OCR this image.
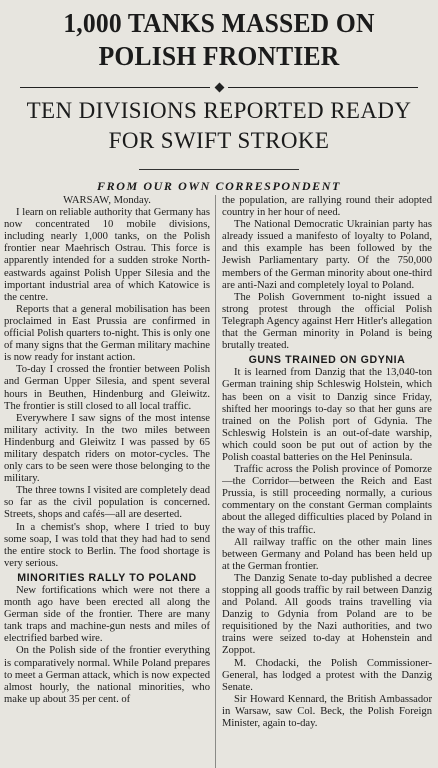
1,000 TANKS MASSED ON POLISH FRONTIER
TEN DIVISIONS REPORTED READY FOR SWIFT STROKE
FROM OUR OWN CORRESPONDENT

WARSAW, Monday.

I learn on reliable authority that Germany has now concentrated 10 mobile divisions, including nearly 1,000 tanks, on the Polish frontier near Maehrisch Ostrau. This force is apparently intended for a sudden stroke North-eastwards against Polish Upper Silesia and the important industrial area of which Katowice is the centre.

Reports that a general mobilisation has been proclaimed in East Prussia are confirmed in official Polish quarters to-night. This is only one of many signs that the German military machine is now ready for instant action.

To-day I crossed the frontier between Polish and German Upper Silesia, and spent several hours in Beuthen, Hindenburg and Gleiwitz. The frontier is still closed to all local traffic.

Everywhere I saw signs of the most intense military activity. In the two miles between Hindenburg and Gleiwitz I was passed by 65 military despatch riders on motor-cycles. The only cars to be seen were those belonging to the military.

The three towns I visited are completely dead so far as the civil population is concerned. Streets, shops and cafés—all are deserted.

In a chemist's shop, where I tried to buy some soap, I was told that they had had to send the entire stock to Berlin. The food shortage is very serious.

MINORITIES RALLY TO POLAND

New fortifications which were not there a month ago have been erected all along the German side of the frontier. There are many tank traps and machine-gun nests and miles of electrified barbed wire.

On the Polish side of the frontier everything is comparatively normal. While Poland prepares to meet a German attack, which is now expected almost hourly, the national minorities, who make up about 35 per cent. of

the population, are rallying round their adopted country in her hour of need.

The National Democratic Ukrainian party has already issued a manifesto of loyalty to Poland, and this example has been followed by the Jewish Parliamentary party. Of the 750,000 members of the German minority about one-third are anti-Nazi and completely loyal to Poland.

The Polish Government to-night issued a strong protest through the official Polish Telegraph Agency against Herr Hitler's allegation that the German minority in Poland is being brutally treated.

GUNS TRAINED ON GDYNIA

It is learned from Danzig that the 13,040-ton German training ship Schleswig Holstein, which has been on a visit to Danzig since Friday, shifted her moorings to-day so that her guns are trained on the Polish port of Gdynia. The Schleswig Holstein is an out-of-date warship, which could soon be put out of action by the Polish coastal batteries on the Hel Peninsula.

Traffic across the Polish province of Pomorze—the Corridor—between the Reich and East Prussia, is still proceeding normally, a curious commentary on the constant German complaints about the alleged difficulties placed by Poland in the way of this traffic.

All railway traffic on the other main lines between Germany and Poland has been held up at the German frontier.

The Danzig Senate to-day published a decree stopping all goods traffic by rail between Danzig and Poland. All goods trains travelling via Danzig to Gdynia from Poland are to be requisitioned by the Nazi authorities, and two trains were seized to-day at Hohenstein and Zoppot.

M. Chodacki, the Polish Commissioner-General, has lodged a protest with the Danzig Senate.

Sir Howard Kennard, the British Ambassador in Warsaw, saw Col. Beck, the Polish Foreign Minister, again to-day.
